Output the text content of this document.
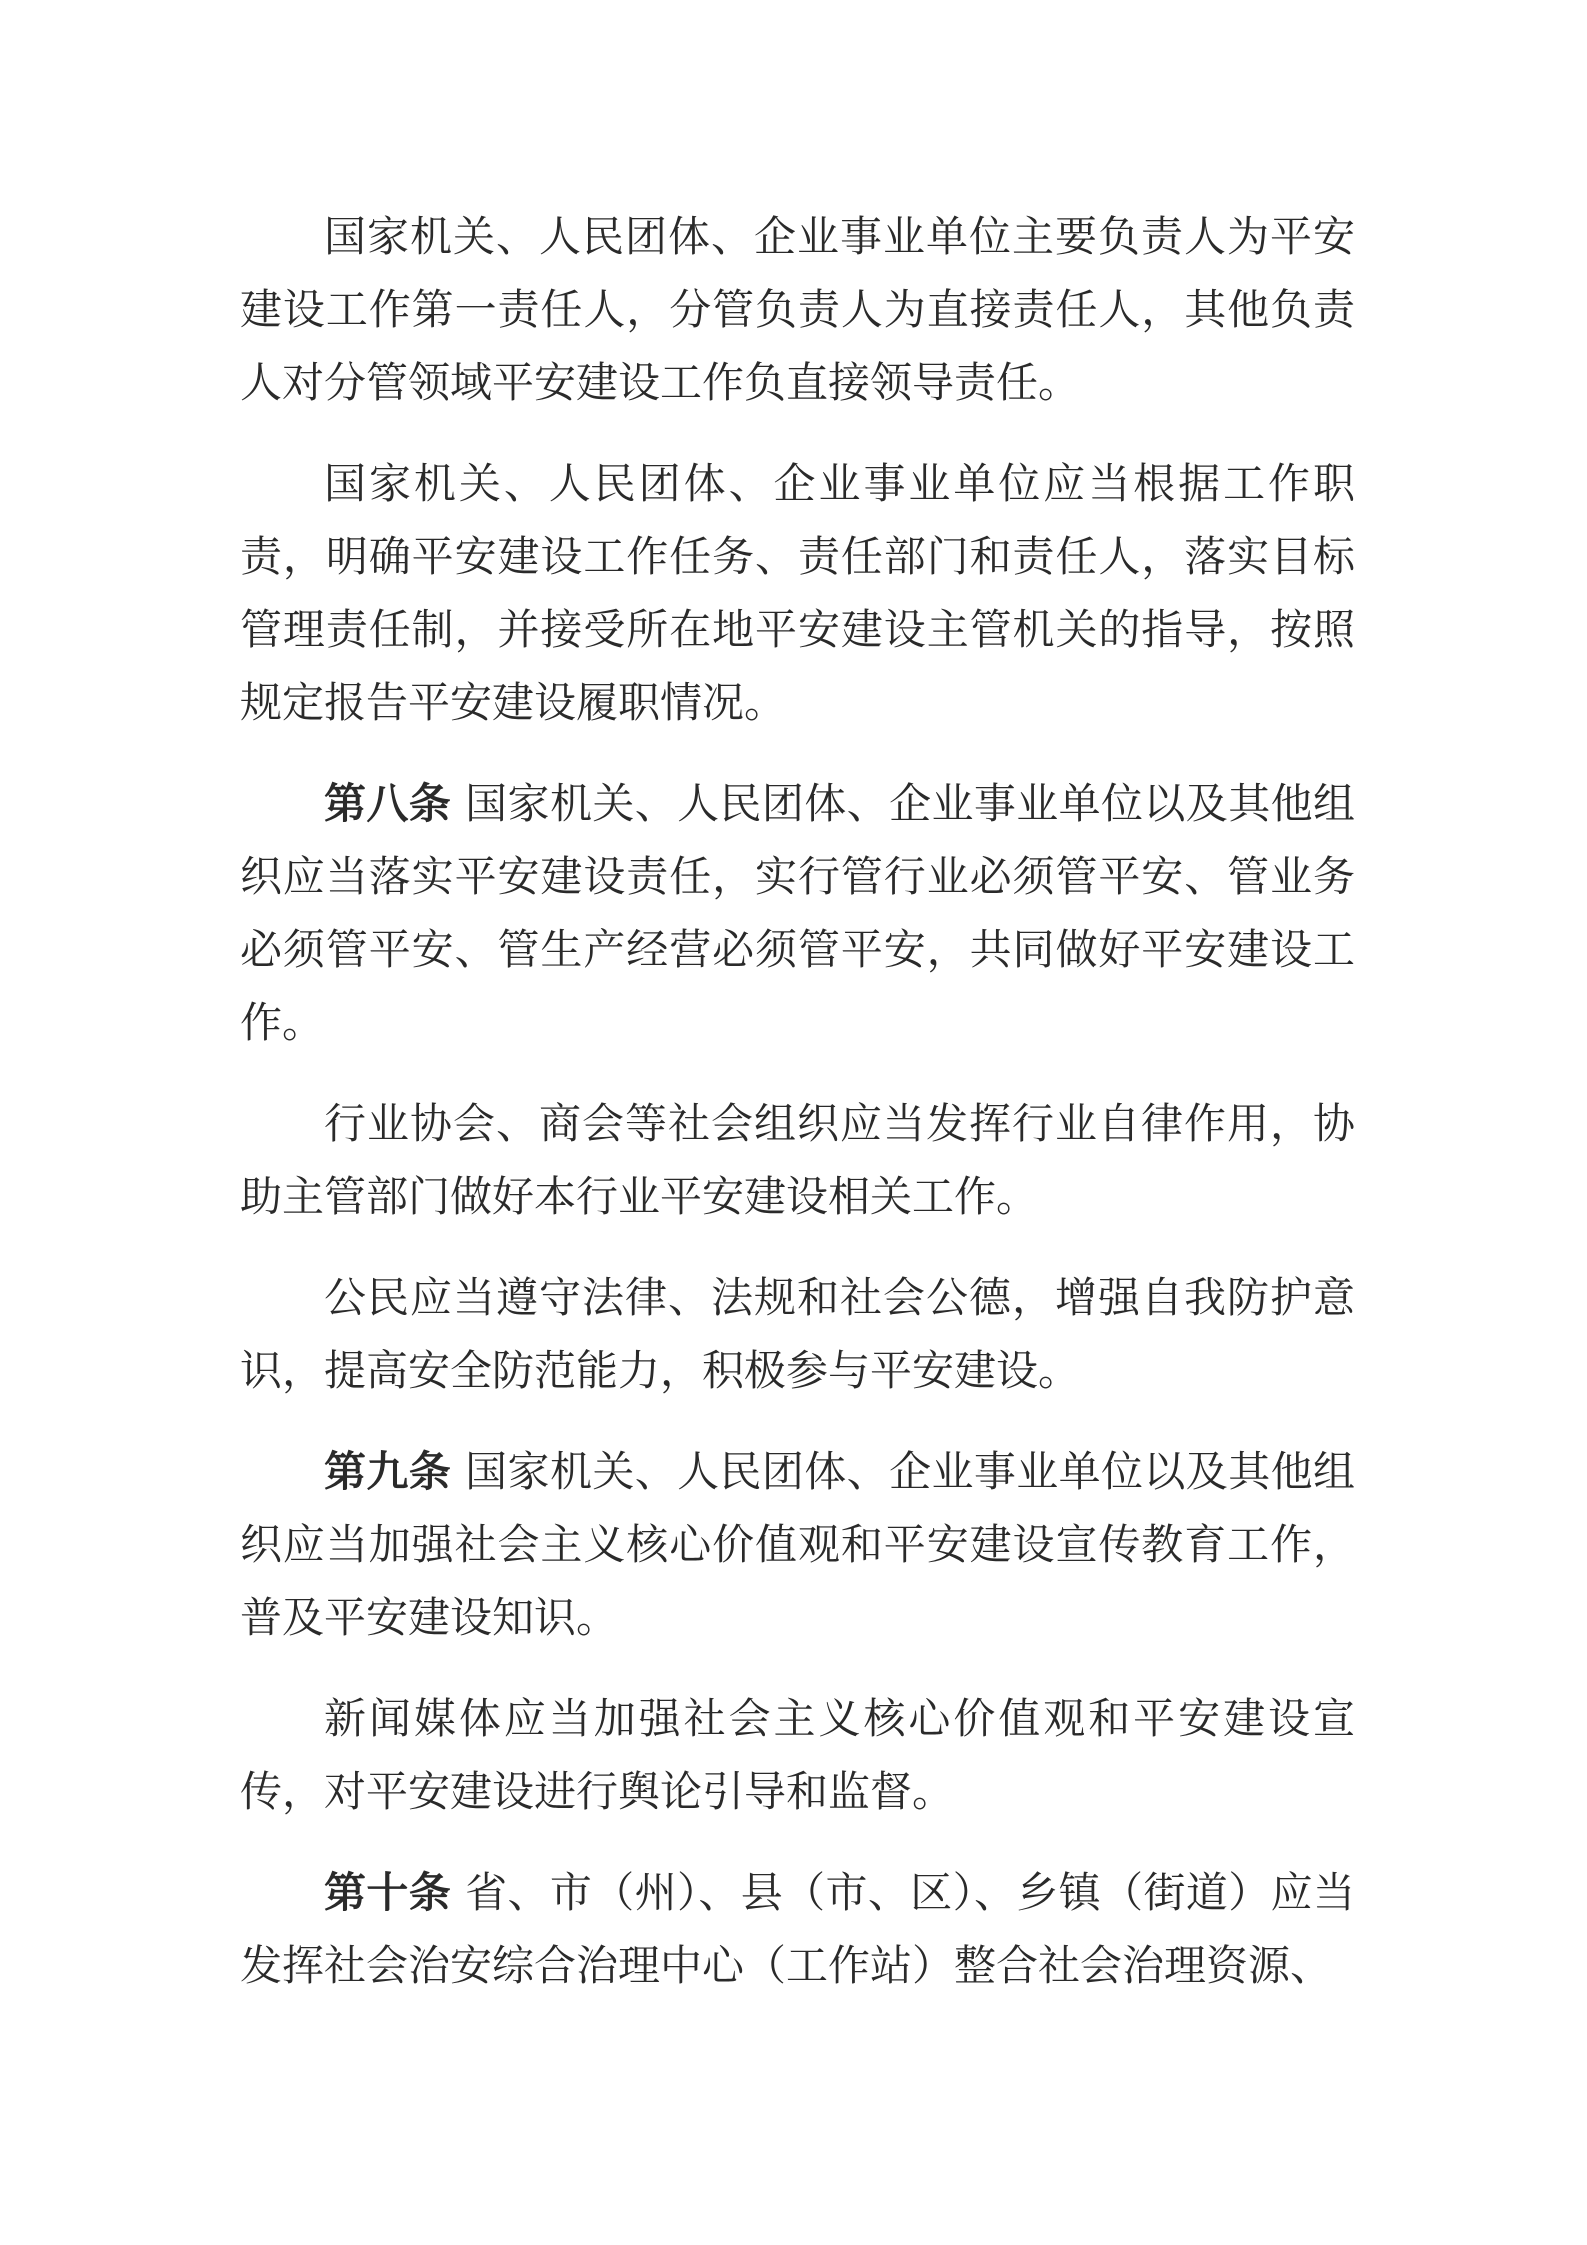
国家机关、人民团体、企业事业单位主要负责人为平安建设工作第一责任人，分管负责人为直接责任人，其他负责人对分管领域平安建设工作负直接领导责任。

国家机关、人民团体、企业事业单位应当根据工作职责，明确平安建设工作任务、责任部门和责任人，落实目标管理责任制，并接受所在地平安建设主管机关的指导，按照规定报告平安建设履职情况。

第八条 国家机关、人民团体、企业事业单位以及其他组织应当落实平安建设责任，实行管行业必须管平安、管业务必须管平安、管生产经营必须管平安，共同做好平安建设工作。

行业协会、商会等社会组织应当发挥行业自律作用，协助主管部门做好本行业平安建设相关工作。

公民应当遵守法律、法规和社会公德，增强自我防护意识，提高安全防范能力，积极参与平安建设。

第九条 国家机关、人民团体、企业事业单位以及其他组织应当加强社会主义核心价值观和平安建设宣传教育工作，普及平安建设知识。

新闻媒体应当加强社会主义核心价值观和平安建设宣传，对平安建设进行舆论引导和监督。

第十条 省、市（州）、县（市、区）、乡镇（街道）应当发挥社会治安综合治理中心（工作站）整合社会治理资源、
